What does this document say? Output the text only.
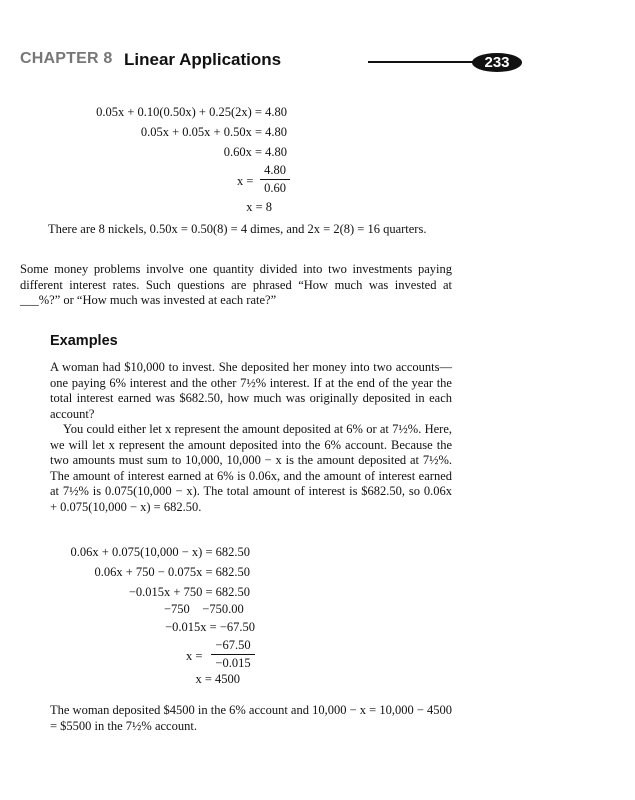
CHAPTER 8 Linear Applications	233
0.05x + 0.10(0.50x) + 0.25(2x) = 4.80
0.05x + 0.05x + 0.50x = 4.80
0.60x = 4.80
$x = \frac{4.80}{0.60}$
x = 8
There are 8 nickels, 0.50x = 0.50(8) = 4 dimes, and 2x = 2(8) = 16 quarters.
Some money problems involve one quantity divided into two investments paying different interest rates. Such questions are phrased “How much was invested at ___%?” or “How much was invested at each rate?”
Examples
A woman had $10,000 to invest. She deposited her money into two accounts—one paying 6% interest and the other 7½% interest. If at the end of the year the total interest earned was $682.50, how much was originally deposited in each account?
You could either let x represent the amount deposited at 6% or at 7½%. Here, we will let x represent the amount deposited into the 6% account. Because the two amounts must sum to 10,000, 10,000 − x is the amount deposited at 7½%. The amount of interest earned at 6% is 0.06x, and the amount of interest earned at 7½% is 0.075(10,000 − x). The total amount of interest is $682.50, so 0.06x + 0.075(10,000 − x) = 682.50.
0.06x + 0.075(10,000 − x) = 682.50
0.06x + 750 − 0.075x = 682.50
−0.015x + 750 = 682.50
−750    −750.00
−0.015x = −67.50
$x = \frac{-67.50}{-0.015}$
x = 4500
The woman deposited $4500 in the 6% account and 10,000 − x = 10,000 − 4500 = $5500 in the 7½% account.
